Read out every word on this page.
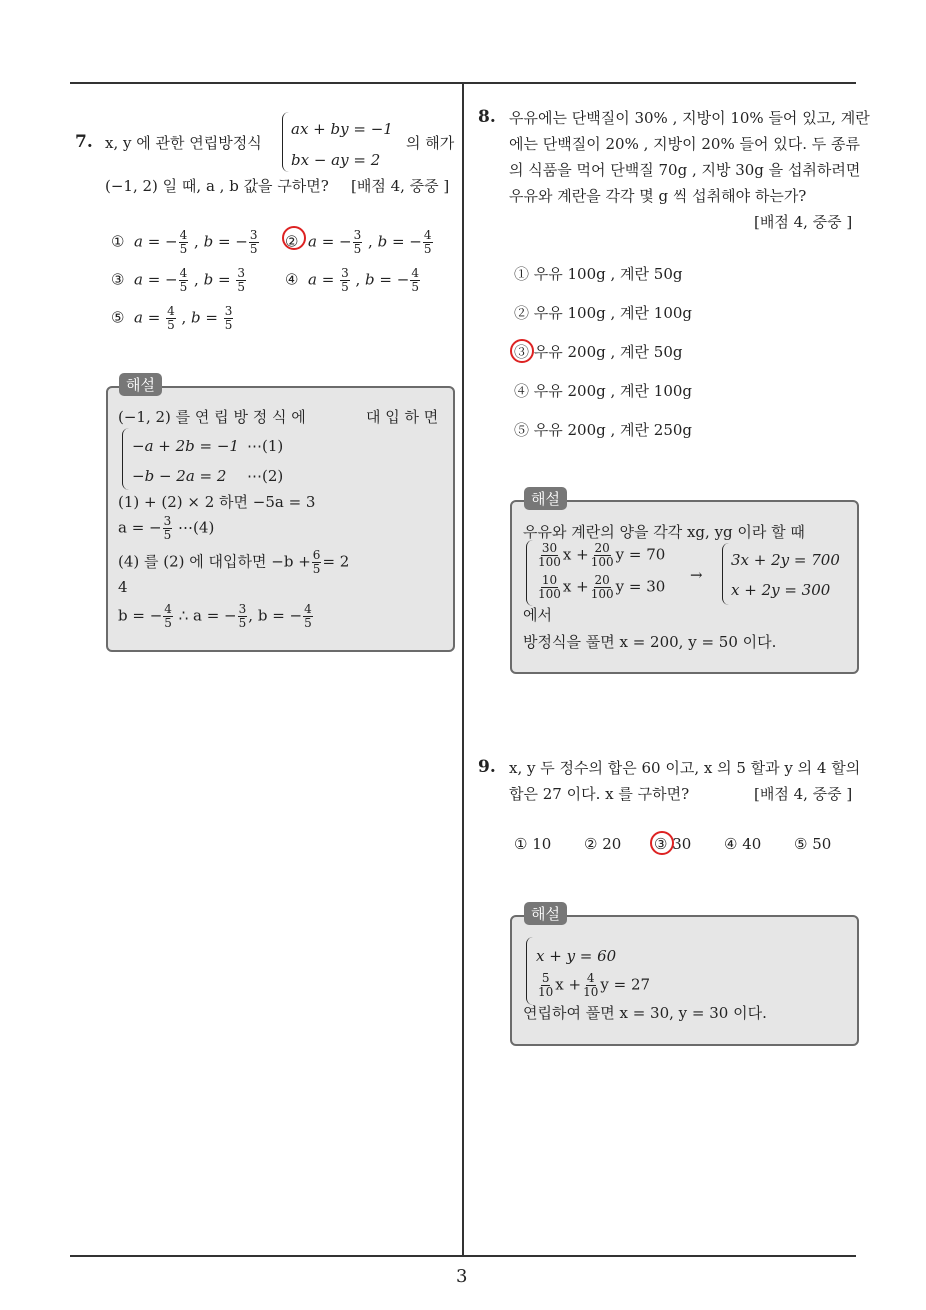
3
7. x, y 에 관한 연립방정식
ax + by = −1
bx − ay = 2
의 해가
(−1, 2) 일 때, a , b 값을 구하면? [배점 4, 중중 ]
① a = − $\frac{4}{5}$ , b = − $\frac{3}{5}$ ② a = − $\frac{3}{5}$ , b = − $\frac{4}{5}$
③ a = − $\frac{4}{5}$ , $b = \frac{3}{5}$	④ $a = \frac{3}{5}$ , b = − $\frac{4}{5}$
⑤ $a = \frac{4}{5}$ , $b = \frac{3}{5}$
해설
(−1, 2) 를 연 립 방 정 식 에	대 입 하 면
−a + 2b = −1 ⋯(1)
−b − 2a = 2 ⋯(2)
(1) + (2) × 2 하면 −5a = 3
a = − $\frac{3}{5}$ ⋯(4)
(4) 를 (2) 에 대입하면 $-b + \frac{6}{5} = 2$
4
b = − $\frac{4}{5}$ ∴ a = − $\frac{3}{5}$ , b = − $\frac{4}{5}$
8. 우유에는 단백질이 30% , 지방이 10% 들어 있고, 계란
에는 단백질이 20% , 지방이 20% 들어 있다. 두 종류
의 식품을 먹어 단백질 70g , 지방 30g 을 섭취하려면
우유와 계란을 각각 몇 g 씩 섭취해야 하는가?
[배점 4, 중중 ]
① 우유 100g , 계란 50g
② 우유 100g , 계란 100g
③ 우유 200g , 계란 50g
④ 우유 200g , 계란 100g
⑤ 우유 200g , 계란 250g
해설
우유와 계란의 양을 각각 xg, yg 이라 할 때
$\frac{30}{100}$ $x + \frac{20}{100}$ y = 70
$\frac{10}{100}$ $x + \frac{20}{100}$ y = 30
→
3x + 2y = 700
x + 2y = 300
에서
방정식을 풀면 x = 200, y = 50 이다.
9. x, y 두 정수의 합은 60 이고, x 의 5 할과 y 의 4 할의
합은 27 이다. x 를 구하면?	[배점 4, 중중 ]
① 10 ② 20 ③ 30 ④ 40 ⑤ 50
해설
x + y = 60
$\frac{5}{10}$ $x + \frac{4}{10}$ y = 27
연립하여 풀면 x = 30, y = 30 이다.
